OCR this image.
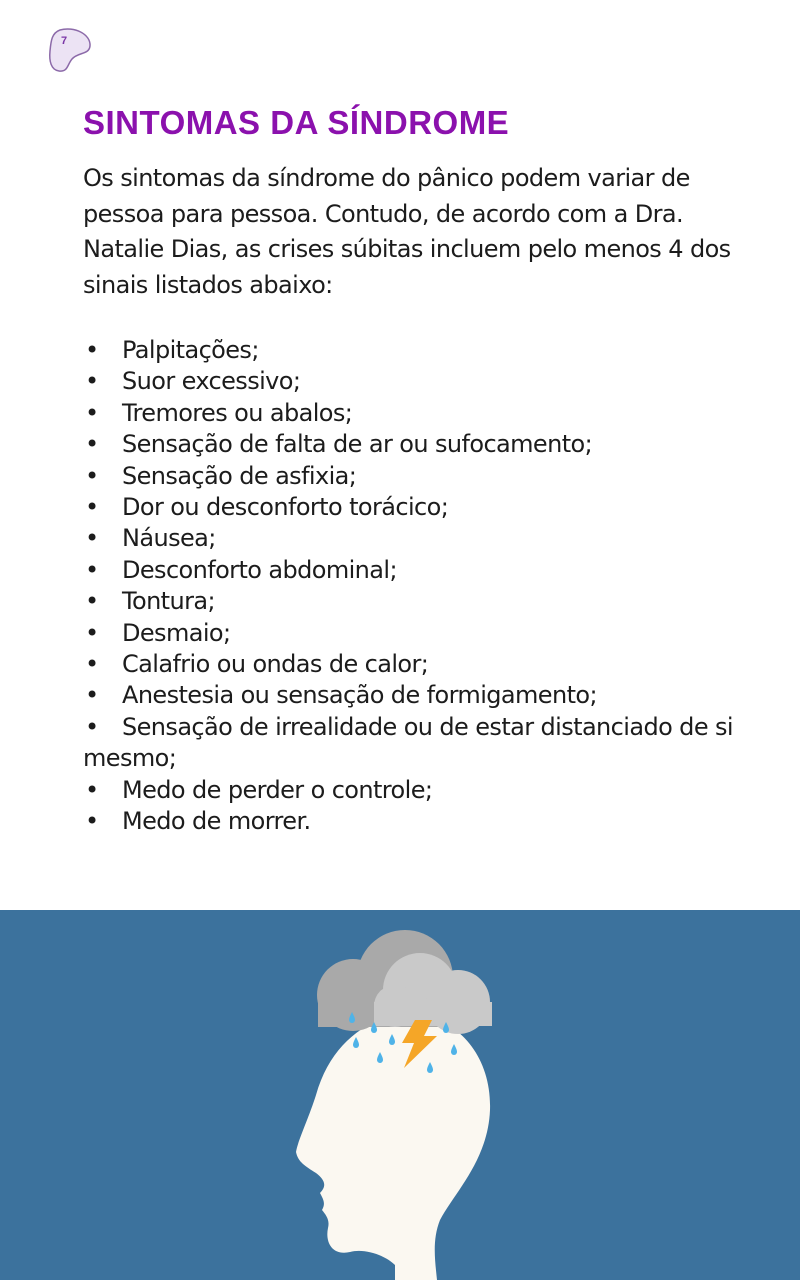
7
SINTOMAS DA SÍNDROME

Os sintomas da síndrome do pânico podem variar de pessoa para pessoa. Contudo, de acordo com a Dra. Natalie Dias, as crises súbitas incluem pelo menos 4 dos sinais listados abaixo:

• Palpitações;
• Suor excessivo;
• Tremores ou abalos;
• Sensação de falta de ar ou sufocamento;
• Sensação de asfixia;
• Dor ou desconforto torácico;
• Náusea;
• Desconforto abdominal;
• Tontura;
• Desmaio;
• Calafrio ou ondas de calor;
• Anestesia ou sensação de formigamento;
• Sensação de irrealidade ou de estar distanciado de si mesmo;
• Medo de perder o controle;
• Medo de morrer.
